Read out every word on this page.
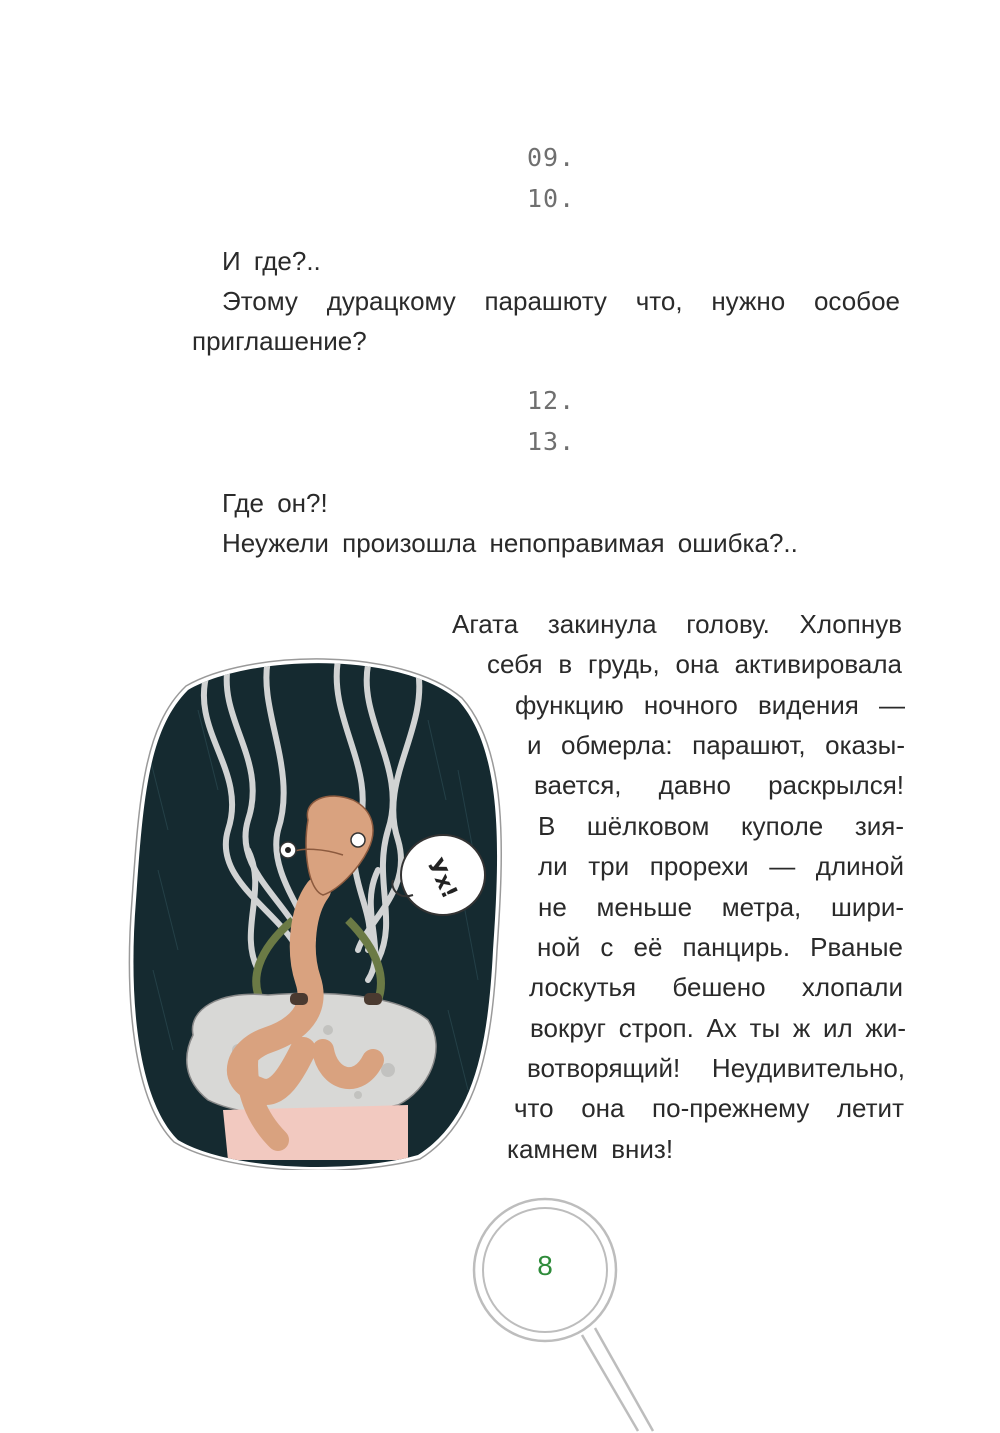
09.
10.
И где?..
Этому дурацкому парашюту что, нужно особое
приглашение?
12.
13.
Где он?!
Неужели произошла непоправимая ошибка?..
Агата закинула голову. Хлопнув
себя в грудь, она активировала
функцию ночного видения —
и обмерла: парашют, оказы-
вается, давно раскрылся!
В шёлковом куполе зия-
ли три прорехи — длиной
не меньше метра, шири-
ной с её панцирь. Рваные
лоскутья бешено хлопали
вокруг строп. Ах ты ж ил жи-
вотворящий! Неудивительно,
что она по-прежнему летит
камнем вниз!
Ух!
8
